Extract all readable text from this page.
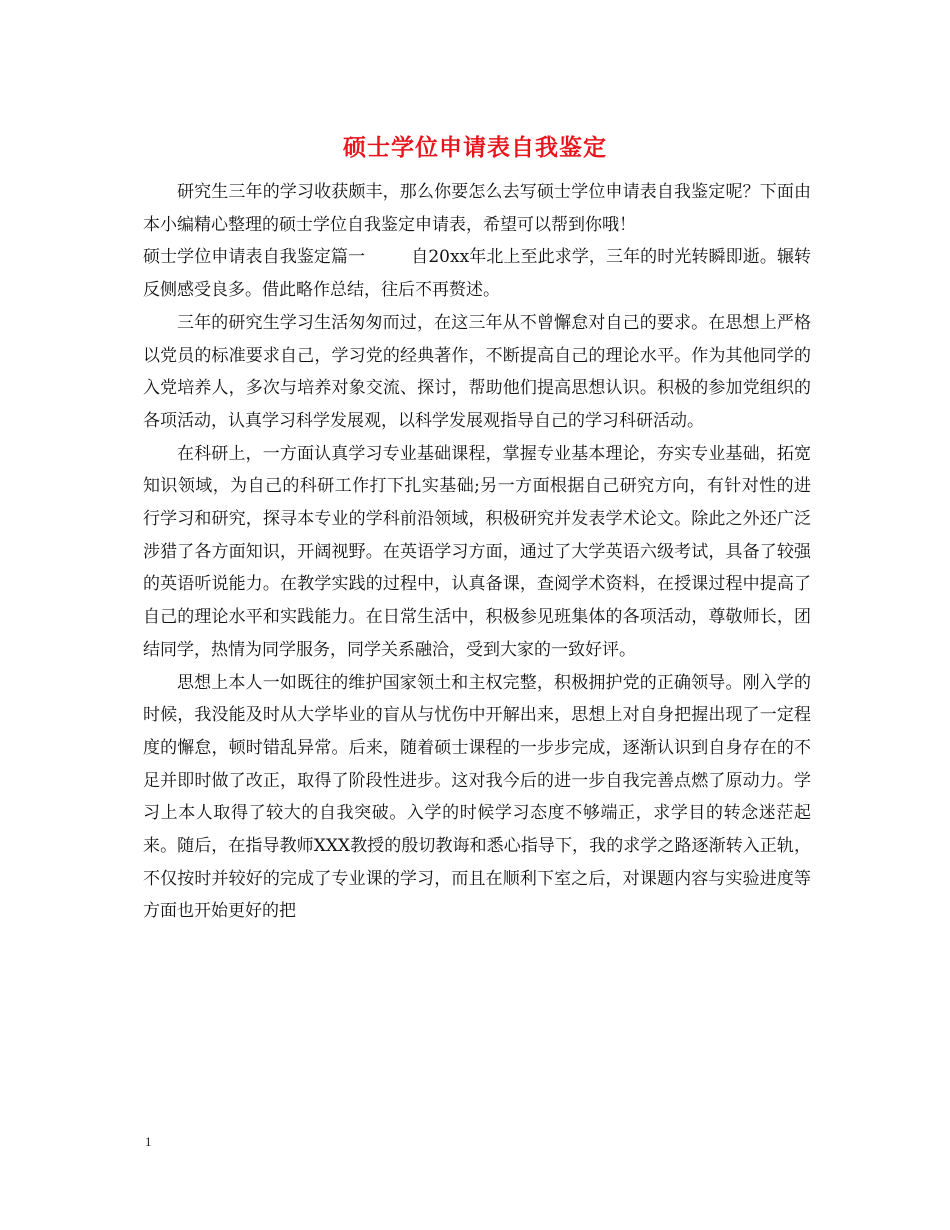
硕士学位申请表自我鉴定

研究生三年的学习收获颇丰，那么你要怎么去写硕士学位申请表自我鉴定呢？下面由本小编精心整理的硕士学位自我鉴定申请表，希望可以帮到你哦！

硕士学位申请表自我鉴定篇一	自20xx年北上至此求学，三年的时光转瞬即逝。辗转反侧感受良多。借此略作总结，往后不再赘述。

三年的研究生学习生活匆匆而过，在这三年从不曾懈怠对自己的要求。在思想上严格以党员的标准要求自己，学习党的经典著作，不断提高自己的理论水平。作为其他同学的入党培养人，多次与培养对象交流、探讨，帮助他们提高思想认识。积极的参加党组织的各项活动，认真学习科学发展观，以科学发展观指导自己的学习科研活动。

在科研上，一方面认真学习专业基础课程，掌握专业基本理论，夯实专业基础，拓宽知识领域，为自己的科研工作打下扎实基础;另一方面根据自己研究方向，有针对性的进行学习和研究，探寻本专业的学科前沿领域，积极研究并发表学术论文。除此之外还广泛涉猎了各方面知识，开阔视野。在英语学习方面，通过了大学英语六级考试，具备了较强的英语听说能力。在教学实践的过程中，认真备课，查阅学术资料，在授课过程中提高了自己的理论水平和实践能力。在日常生活中，积极参见班集体的各项活动，尊敬师长，团结同学，热情为同学服务，同学关系融洽，受到大家的一致好评。

思想上本人一如既往的维护国家领土和主权完整，积极拥护党的正确领导。刚入学的时候，我没能及时从大学毕业的盲从与忧伤中开解出来，思想上对自身把握出现了一定程度的懈怠，顿时错乱异常。后来，随着硕士课程的一步步完成，逐渐认识到自身存在的不足并即时做了改正，取得了阶段性进步。这对我今后的进一步自我完善点燃了原动力。学习上本人取得了较大的自我突破。入学的时候学习态度不够端正，求学目的转念迷茫起来。随后，在指导教师XXX教授的殷切教诲和悉心指导下，我的求学之路逐渐转入正轨，不仅按时并较好的完成了专业课的学习，而且在顺利下室之后，对课题内容与实验进度等方面也开始更好的把

1
